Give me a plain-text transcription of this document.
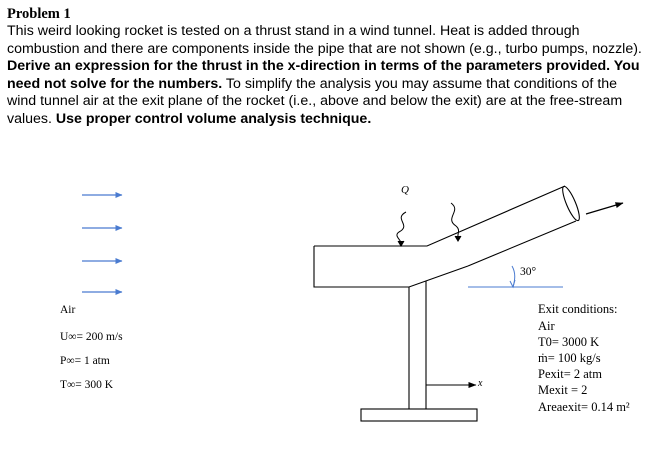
Problem 1
This weird looking rocket is tested on a thrust stand in a wind tunnel. Heat is added through combustion and there are components inside the pipe that are not shown (e.g., turbo pumps, nozzle). Derive an expression for the thrust in the x-direction in terms of the parameters provided. You need not solve for the numbers. To simplify the analysis you may assume that conditions of the wind tunnel air at the exit plane of the rocket (i.e., above and below the exit) are at the free-stream values. Use proper control volume analysis technique.
Q
30°
x
Air
U∞= 200 m/s
P∞= 1 atm
T∞= 300 K
Exit conditions:
Air
T0= 3000 K
ṁ= 100 kg/s
Pexit= 2 atm
Mexit = 2
Areaexit= 0.14 m²
